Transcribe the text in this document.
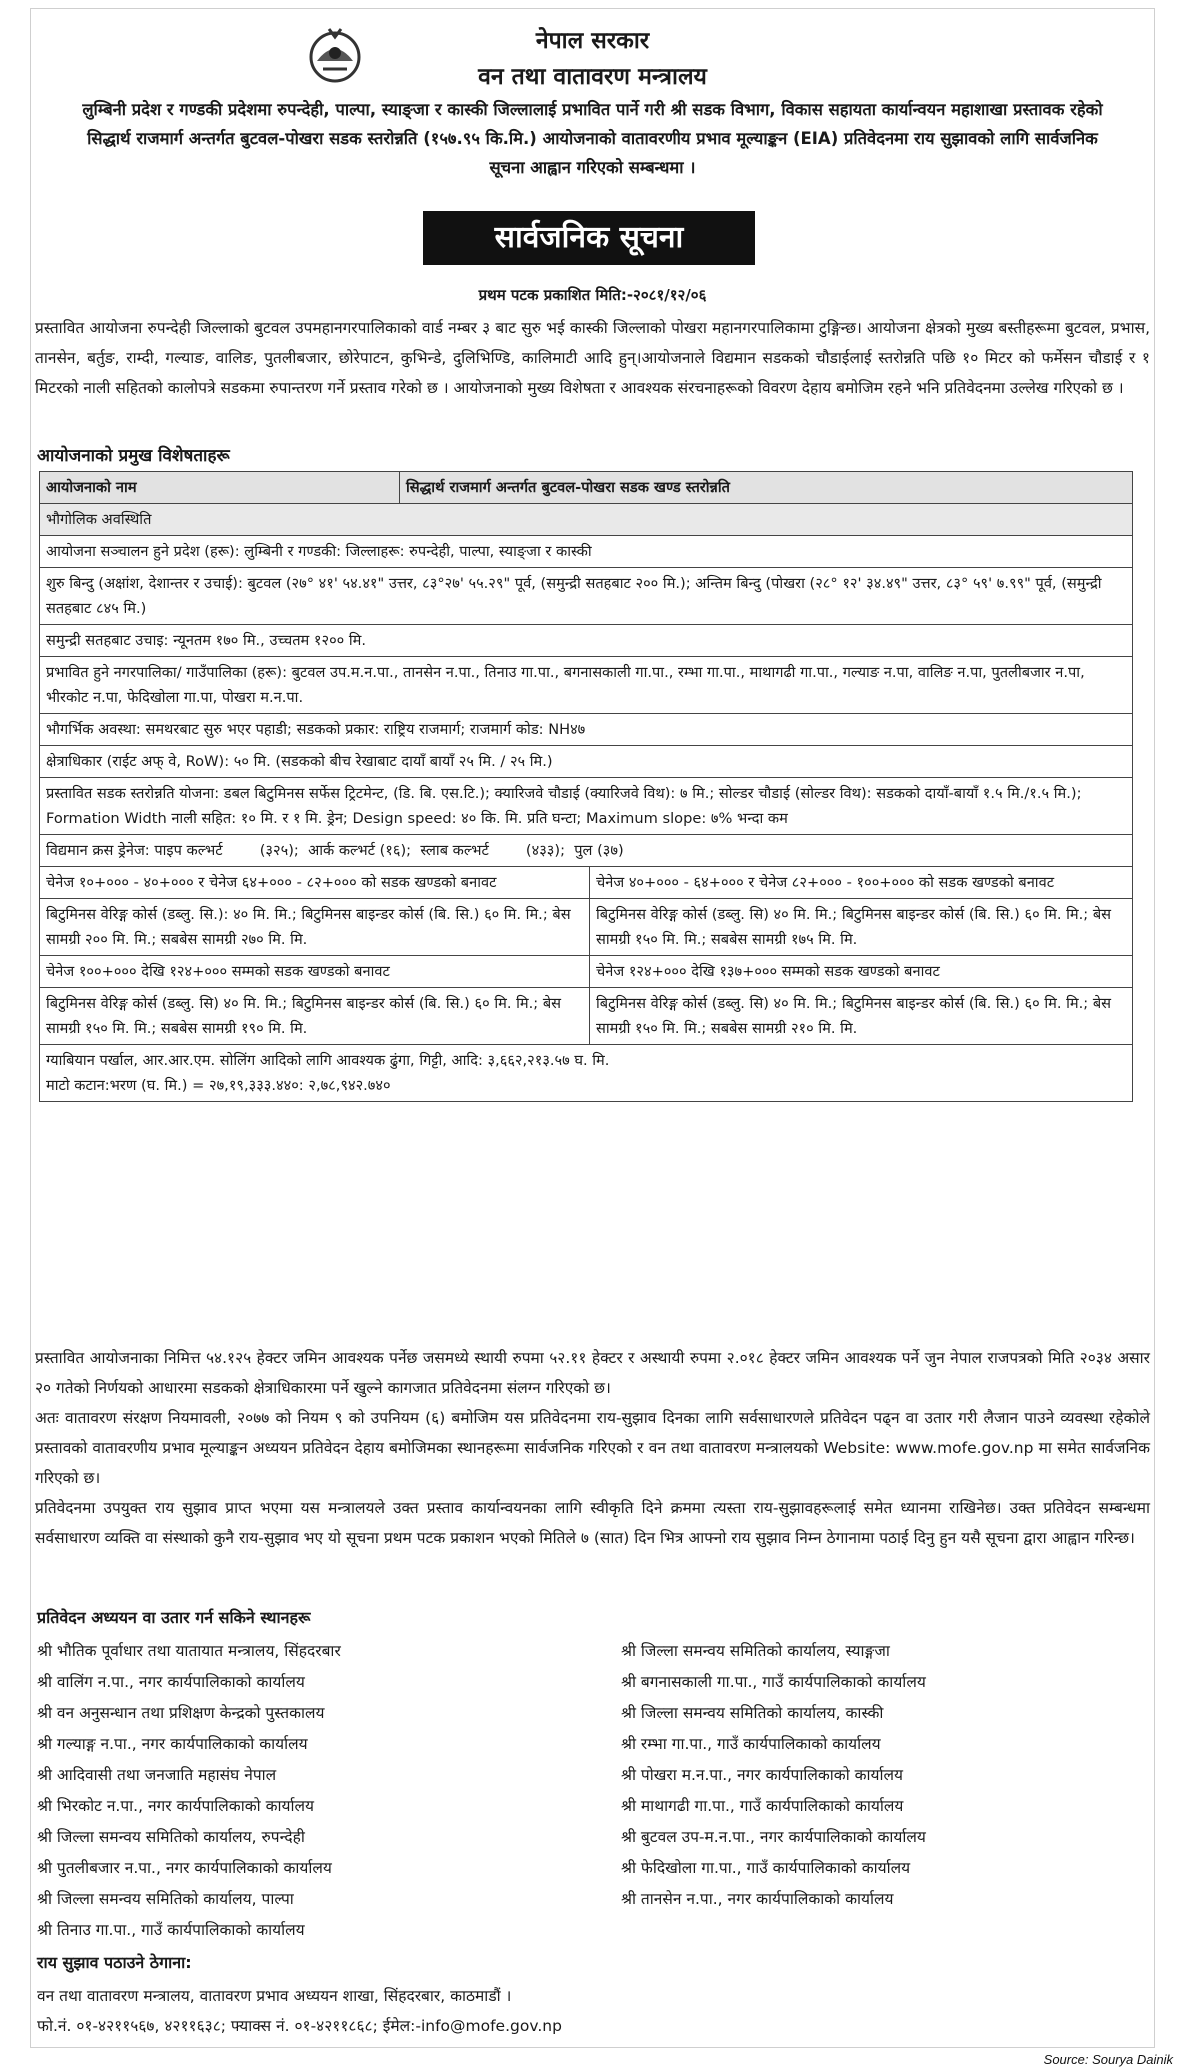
नेपाल सरकार
वन तथा वातावरण मन्त्रालय
लुम्बिनी प्रदेश र गण्डकी प्रदेशमा रुपन्देही, पाल्पा, स्याङ्जा र कास्की जिल्लालाई प्रभावित पार्ने गरी श्री सडक विभाग, विकास सहायता कार्यान्वयन महाशाखा प्रस्तावक रहेको सिद्धार्थ राजमार्ग अन्तर्गत बुटवल-पोखरा सडक स्तरोन्नति (१५७.९५ कि.मि.) आयोजनाको वातावरणीय प्रभाव मूल्याङ्कन (EIA) प्रतिवेदनमा राय सुझावको लागि सार्वजनिक सूचना आह्वान गरिएको सम्बन्धमा ।
सार्वजनिक सूचना
प्रथम पटक प्रकाशित मिति:-२०८१/१२/०६
प्रस्तावित आयोजना रुपन्देही जिल्लाको बुटवल उपमहानगरपालिकाको वार्ड नम्बर ३ बाट सुरु भई कास्की जिल्लाको पोखरा महानगरपालिकामा टुङ्गिन्छ। आयोजना क्षेत्रको मुख्य बस्तीहरूमा बुटवल, प्रभास, तानसेन, बर्तुङ, राम्दी, गल्याङ, वालिङ, पुतलीबजार, छोरेपाटन, कुभिन्डे, दुलिभिण्डि, कालिमाटी आदि हुन्।आयोजनाले विद्यमान सडकको चौडाईलाई स्तरोन्नति पछि १० मिटर को फर्मेसन चौडाई र १ मिटरको नाली सहितको कालोपत्रे सडकमा रुपान्तरण गर्ने प्रस्ताव गरेको छ । आयोजनाको मुख्य विशेषता र आवश्यक संरचनाहरूको विवरण देहाय बमोजिम रहने भनि प्रतिवेदनमा उल्लेख गरिएको छ ।
आयोजनाको प्रमुख विशेषताहरू
आयोजनाको नाम	सिद्धार्थ राजमार्ग अन्तर्गत बुटवल-पोखरा सडक खण्ड स्तरोन्नति	
भौगोलिक अवस्थिति		
आयोजना सञ्चालन हुने प्रदेश (हरू): लुम्बिनी र गण्डकी: जिल्लाहरू: रुपन्देही, पाल्पा, स्याङ्जा र कास्की		
शुरु बिन्दु (अक्षांश, देशान्तर र उचाई): बुटवल (२७° ४१' ५४.४१" उत्तर, ८३°२७' ५५.२९" पूर्व, (समुन्द्री सतहबाट २०० मि.); अन्तिम बिन्दु (पोखरा (२८° १२' ३४.४९" उत्तर, ८३° ५९' ७.९९" पूर्व, (समुन्द्री सतहबाट ८४५ मि.)		
समुन्द्री सतहबाट उचाइ: न्यूनतम १७० मि., उच्चतम १२०० मि.		
प्रभावित हुने नगरपालिका/ गाउँपालिका (हरू): बुटवल उप.म.न.पा., तानसेन न.पा., तिनाउ गा.पा., बगनासकाली गा.पा., रम्भा गा.पा., माथागढी गा.पा., गल्याङ न.पा, वालिङ न.पा, पुतलीबजार न.पा, भीरकोट न.पा, फेदिखोला गा.पा, पोखरा म.न.पा.		
भौगर्भिक अवस्था: समथरबाट सुरु भएर पहाडी; सडकको प्रकार: राष्ट्रिय राजमार्ग; राजमार्ग कोड: NH४७		
क्षेत्राधिकार (राईट अफ् वे, RoW): ५० मि. (सडकको बीच रेखाबाट दायाँ बायाँ २५ मि. / २५ मि.)		
प्रस्तावित सडक स्तरोन्नति योजना: डबल बिटुमिनस सर्फेस ट्रिटमेन्ट, (डि. बि. एस.टि.); क्यारिजवे चौडाई (क्यारिजवे विथ): ७ मि.; सोल्डर चौडाई (सोल्डर विथ): सडकको दायाँ-बायाँ १.५ मि./१.५ मि.); Formation Width नाली सहित: १० मि. र १ मि. ड्रेन; Design speed: ४० कि. मि. प्रति घन्टा; Maximum slope: ७% भन्दा कम		
विद्यमान क्रस ड्रेनेज: पाइप कल्भर्ट        (३२५);  आर्क कल्भर्ट (१६);  स्लाब कल्भर्ट        (४३३);  पुल (३७)		
चेनेज १०+००० - ४०+००० र चेनेज ६४+००० - ८२+००० को सडक खण्डको बनावट		चेनेज ४०+००० - ६४+००० र चेनेज ८२+००० - १००+००० को सडक खण्डको बनावट
बिटुमिनस वेरिङ्ग कोर्स (डब्लु. सि.): ४० मि. मि.; बिटुमिनस बाइन्डर कोर्स (बि. सि.) ६० मि. मि.; बेस सामग्री २०० मि. मि.; सबबेस सामग्री २७० मि. मि.		बिटुमिनस वेरिङ्ग कोर्स (डब्लु. सि) ४० मि. मि.; बिटुमिनस बाइन्डर कोर्स (बि. सि.) ६० मि. मि.; बेस सामग्री १५० मि. मि.; सबबेस सामग्री १७५ मि. मि.
चेनेज १००+००० देखि १२४+००० सम्मको सडक खण्डको बनावट		चेनेज १२४+००० देखि १३७+००० सम्मको सडक खण्डको बनावट
बिटुमिनस वेरिङ्ग कोर्स (डब्लु. सि) ४० मि. मि.; बिटुमिनस बाइन्डर कोर्स (बि. सि.) ६० मि. मि.; बेस सामग्री १५० मि. मि.; सबबेस सामग्री १९० मि. मि.		बिटुमिनस वेरिङ्ग कोर्स (डब्लु. सि) ४० मि. मि.; बिटुमिनस बाइन्डर कोर्स (बि. सि.) ६० मि. मि.; बेस सामग्री १५० मि. मि.; सबबेस सामग्री २१० मि. मि.

ग्याबियान पर्खाल, आर.आर.एम. सोलिंग आदिको लागि आवश्यक ढुंगा, गिट्टी, आदि: ३,६६२,२१३.५७ घ. मि.
माटो कटान:भरण (घ. मि.) = २७,१९,३३३.४४०: २,७८,९४२.७४०		
प्रस्तावित आयोजनाका निमित्त ५४.१२५ हेक्टर जमिन आवश्यक पर्नेछ जसमध्ये स्थायी रुपमा ५२.११ हेक्टर र अस्थायी रुपमा २.०१८ हेक्टर जमिन आवश्यक पर्ने जुन नेपाल राजपत्रको मिति २०३४ असार २० गतेको निर्णयको आधारमा सडकको क्षेत्राधिकारमा पर्ने खुल्ने कागजात प्रतिवेदनमा संलग्न गरिएको छ।
अतः वातावरण संरक्षण नियमावली, २०७७ को नियम ९ को उपनियम (६) बमोजिम यस प्रतिवेदनमा राय-सुझाव दिनका लागि सर्वसाधारणले प्रतिवेदन पढ्न वा उतार गरी लैजान पाउने व्यवस्था रहेकोले प्रस्तावको वातावरणीय प्रभाव मूल्याङ्कन अध्ययन प्रतिवेदन देहाय बमोजिमका स्थानहरूमा सार्वजनिक गरिएको र वन तथा वातावरण मन्त्रालयको Website: www.mofe.gov.np मा समेत सार्वजनिक गरिएको छ।
प्रतिवेदनमा उपयुक्त राय सुझाव प्राप्त भएमा यस मन्त्रालयले उक्त प्रस्ताव कार्यान्वयनका लागि स्वीकृति दिने क्रममा त्यस्ता राय-सुझावहरूलाई समेत ध्यानमा राखिनेछ। उक्त प्रतिवेदन सम्बन्धमा सर्वसाधारण व्यक्ति वा संस्थाको कुनै राय-सुझाव भए यो सूचना प्रथम पटक प्रकाशन भएको मितिले ७ (सात) दिन भित्र आफ्नो राय सुझाव निम्न ठेगानामा पठाई दिनु हुन यसै सूचना द्वारा आह्वान गरिन्छ।
प्रतिवेदन अध्ययन वा उतार गर्न सकिने स्थानहरू
श्री भौतिक पूर्वाधार तथा यातायात मन्त्रालय, सिंहदरबार
श्री वालिंग न.पा., नगर कार्यपालिकाको कार्यालय
श्री वन अनुसन्धान तथा प्रशिक्षण केन्द्रको पुस्तकालय
श्री गल्याङ्ग न.पा., नगर कार्यपालिकाको कार्यालय
श्री आदिवासी तथा जनजाति महासंघ नेपाल
श्री भिरकोट न.पा., नगर कार्यपालिकाको कार्यालय
श्री जिल्ला समन्वय समितिको कार्यालय, रुपन्देही
श्री पुतलीबजार न.पा., नगर कार्यपालिकाको कार्यालय
श्री जिल्ला समन्वय समितिको कार्यालय, पाल्पा
श्री तिनाउ गा.पा., गाउँ कार्यपालिकाको कार्यालय
श्री जिल्ला समन्वय समितिको कार्यालय, स्याङ्गजा
श्री बगनासकाली गा.पा., गाउँ कार्यपालिकाको कार्यालय
श्री जिल्ला समन्वय समितिको कार्यालय, कास्की
श्री रम्भा गा.पा., गाउँ कार्यपालिकाको कार्यालय
श्री पोखरा म.न.पा., नगर कार्यपालिकाको कार्यालय
श्री माथागढी गा.पा., गाउँ कार्यपालिकाको कार्यालय
श्री बुटवल उप-म.न.पा., नगर कार्यपालिकाको कार्यालय
श्री फेदिखोला गा.पा., गाउँ कार्यपालिकाको कार्यालय
श्री तानसेन न.पा., नगर कार्यपालिकाको कार्यालय
राय सुझाव पठाउने ठेगाना:
वन तथा वातावरण मन्त्रालय, वातावरण प्रभाव अध्ययन शाखा, सिंहदरबार, काठमाडौं ।
फो.नं. ०१-४२११५६७, ४२११६३८; फ्याक्स नं. ०१-४२११८६८; ईमेल:-info@mofe.gov.np
Source: Sourya Dainik
